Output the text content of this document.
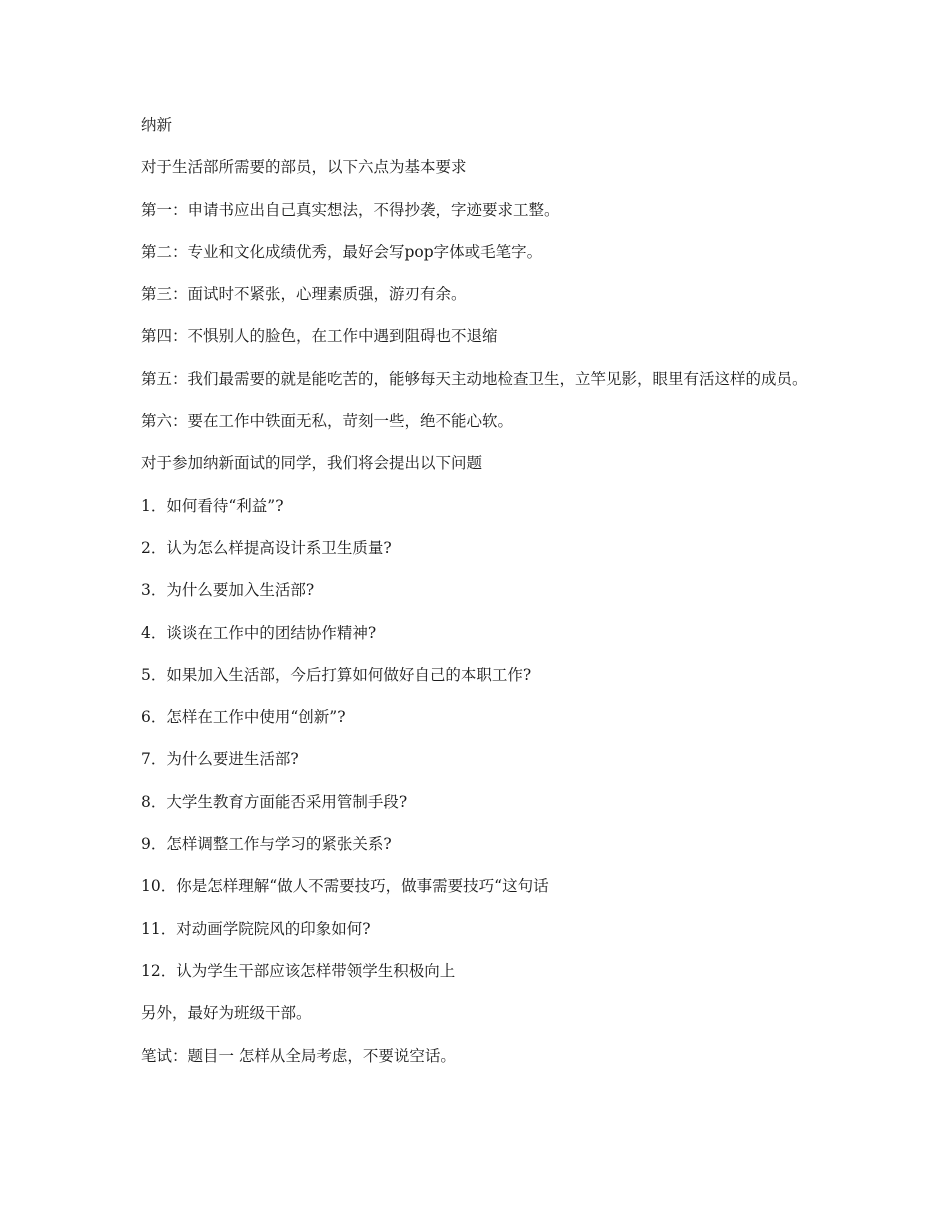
纳新

对于生活部所需要的部员，以下六点为基本要求

第一：申请书应出自己真实想法，不得抄袭，字迹要求工整。

第二：专业和文化成绩优秀，最好会写pop字体或毛笔字。

第三：面试时不紧张，心理素质强，游刃有余。

第四：不惧别人的脸色，在工作中遇到阻碍也不退缩

第五：我们最需要的就是能吃苦的，能够每天主动地检查卫生，立竿见影，眼里有活这样的成员。

第六：要在工作中铁面无私，苛刻一些，绝不能心软。

对于参加纳新面试的同学，我们将会提出以下问题

1．如何看待“利益”?

2．认为怎么样提高设计系卫生质量?

3．为什么要加入生活部?

4．谈谈在工作中的团结协作精神?

5．如果加入生活部，今后打算如何做好自己的本职工作?

6．怎样在工作中使用“创新”?

7．为什么要进生活部?

8．大学生教育方面能否采用管制手段?

9．怎样调整工作与学习的紧张关系?

10．你是怎样理解“做人不需要技巧，做事需要技巧“这句话

11．对动画学院院风的印象如何?

12．认为学生干部应该怎样带领学生积极向上

另外，最好为班级干部。

笔试：题目一 怎样从全局考虑，不要说空话。
